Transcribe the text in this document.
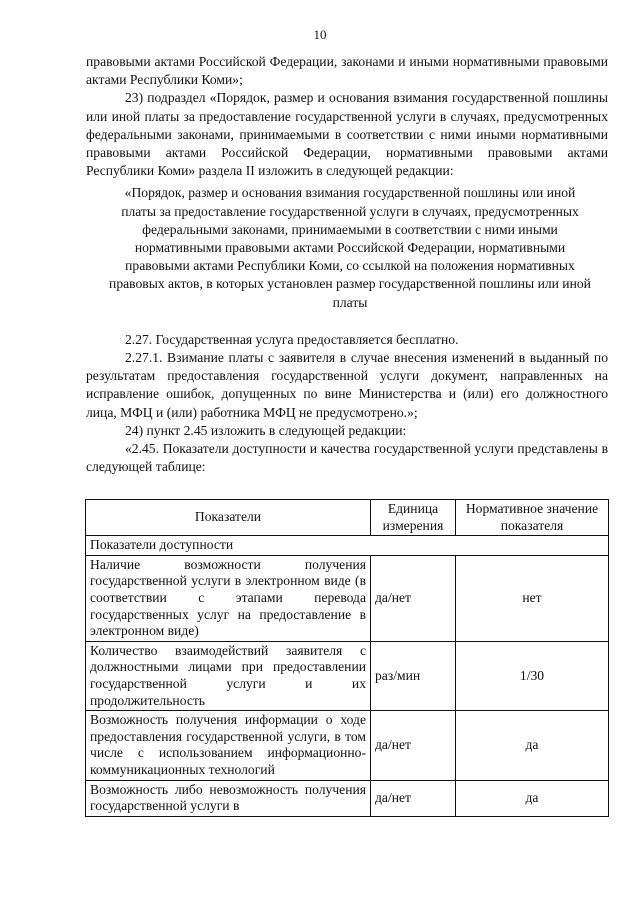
10

правовыми актами Российской Федерации, законами и иными нормативными правовыми актами Республики Коми»;

23) подраздел «Порядок, размер и основания взимания государственной пошлины или иной платы за предоставление государственной услуги в случаях, предусмотренных федеральными законами, принимаемыми в соответствии с ними иными нормативными правовыми актами Российской Федерации, нормативными правовыми актами Республики Коми» раздела II изложить в следующей редакции:

«Порядок, размер и основания взимания государственной пошлины или иной платы за предоставление государственной услуги в случаях, предусмотренных федеральными законами, принимаемыми в соответствии с ними иными нормативными правовыми актами Российской Федерации, нормативными правовыми актами Республики Коми, со ссылкой на положения нормативных правовых актов, в которых установлен размер государственной пошлины или иной платы

2.27. Государственная услуга предоставляется бесплатно.

2.27.1. Взимание платы с заявителя в случае внесения изменений в выданный по результатам предоставления государственной услуги документ, направленных на исправление ошибок, допущенных по вине Министерства и (или) его должностного лица, МФЦ и (или) работника МФЦ не предусмотрено.»;

24) пункт 2.45 изложить в следующей редакции:

«2.45. Показатели доступности и качества государственной услуги представлены в следующей таблице:

Показатели	Единица измерения	Нормативное значение показателя
Показатели доступности		
Наличие возможности получения государственной услуги в электронном виде (в соответствии с этапами перевода государственных услуг на предоставление в электронном виде)	да/нет	нет
Количество взаимодействий заявителя с должностными лицами при предоставлении государственной услуги и их продолжительность	раз/мин	1/30
Возможность получения информации о ходе предоставления государственной услуги, в том числе с использованием информационно-коммуникационных технологий	да/нет	да
Возможность либо невозможность получения государственной услуги в	да/нет	да
